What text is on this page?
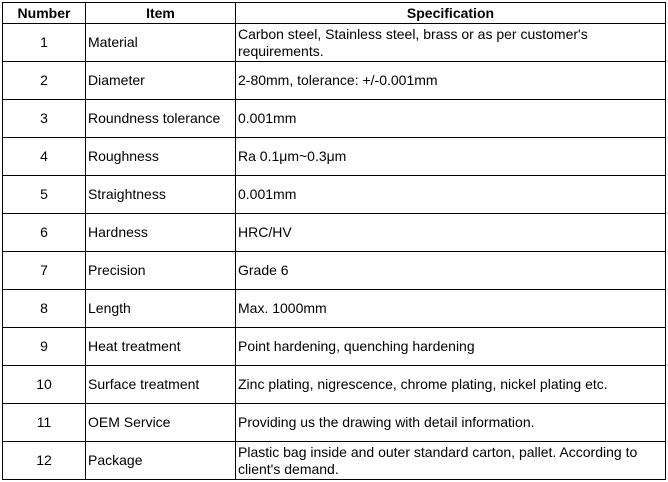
Number	Item	Specification
1	Material	Carbon steel, Stainless steel, brass or as per customer's requirements.
2	Diameter	2-80mm, tolerance: +/-0.001mm
3	Roundness tolerance	0.001mm
4	Roughness	Ra 0.1μm~0.3μm
5	Straightness	0.001mm
6	Hardness	HRC/HV
7	Precision	Grade 6
8	Length	Max. 1000mm
9	Heat treatment	Point hardening, quenching hardening
10	Surface treatment	Zinc plating, nigrescence, chrome plating, nickel plating etc.
11	OEM Service	Providing us the drawing with detail information.
12	Package	Plastic bag inside and outer standard carton, pallet. According to client's demand.
